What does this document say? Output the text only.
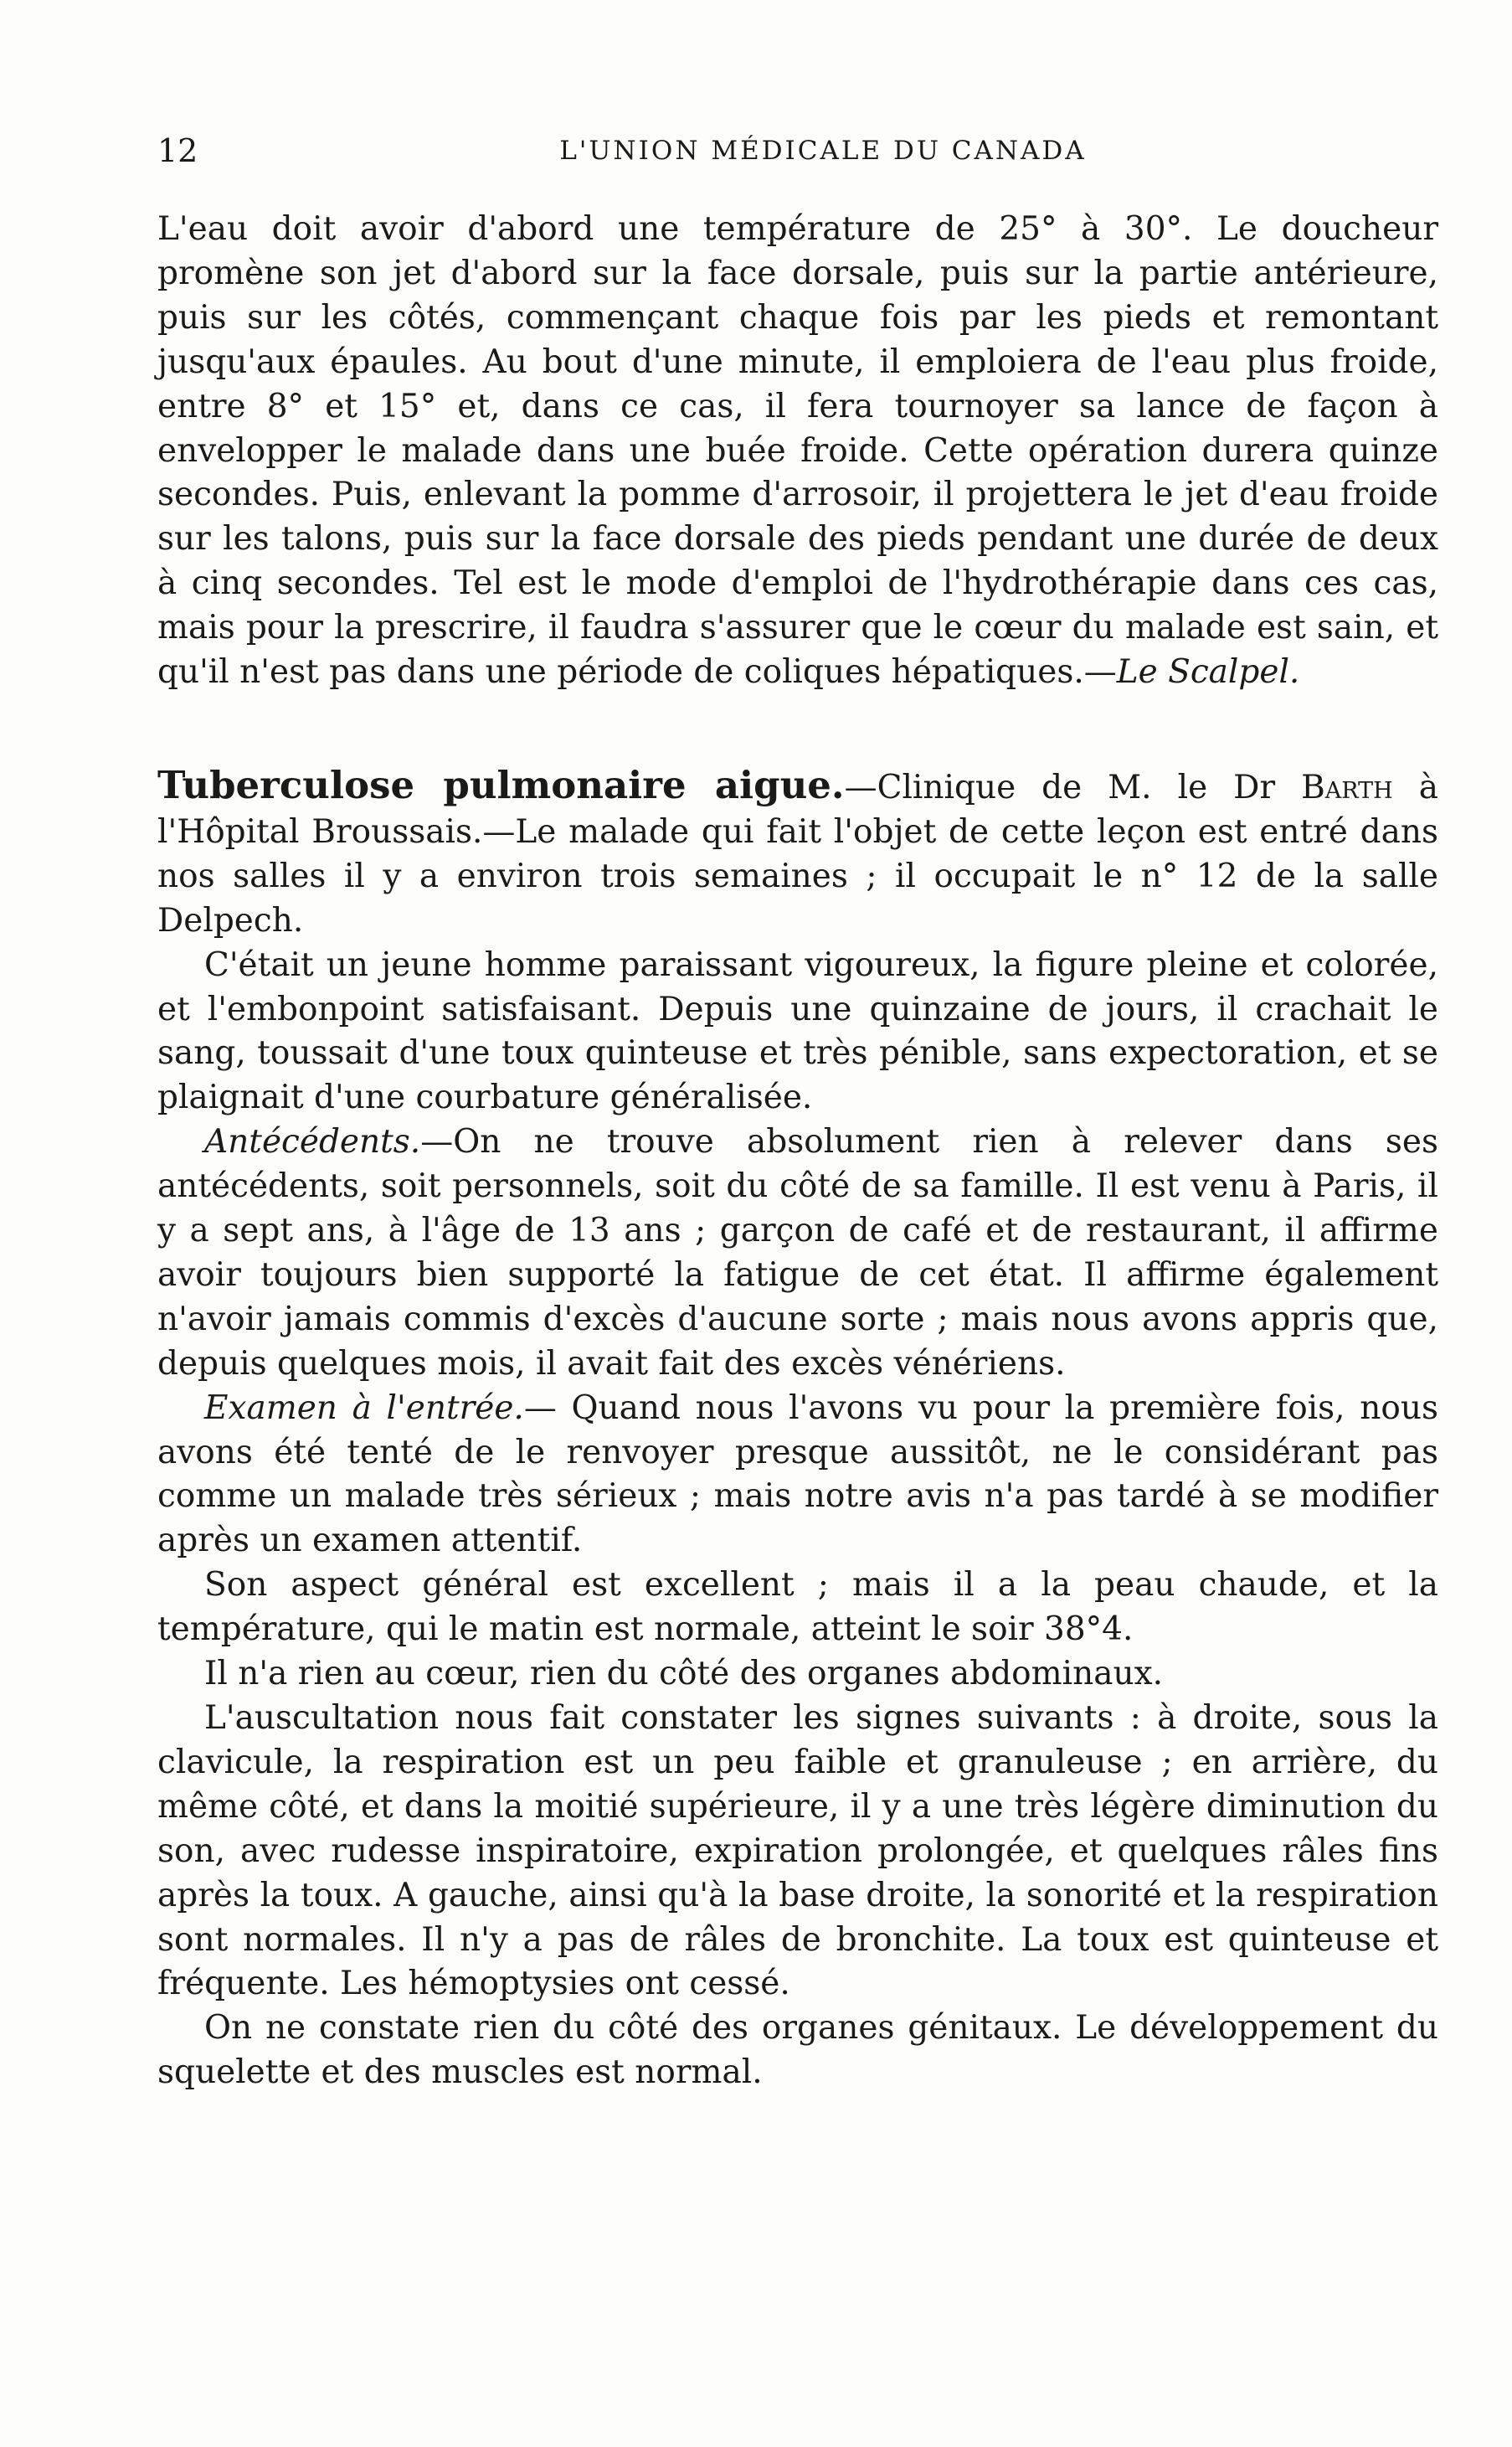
12	L'UNION MÉDICALE DU CANADA

L'eau doit avoir d'abord une température de 25° à 30°. Le doucheur promène son jet d'abord sur la face dorsale, puis sur la partie antérieure, puis sur les côtés, commençant chaque fois par les pieds et remontant jusqu'aux épaules. Au bout d'une minute, il emploiera de l'eau plus froide, entre 8° et 15° et, dans ce cas, il fera tournoyer sa lance de façon à envelopper le malade dans une buée froide. Cette opération durera quinze secondes. Puis, enlevant la pomme d'arrosoir, il projettera le jet d'eau froide sur les talons, puis sur la face dorsale des pieds pendant une durée de deux à cinq secondes. Tel est le mode d'emploi de l'hydrothérapie dans ces cas, mais pour la prescrire, il faudra s'assurer que le cœur du malade est sain, et qu'il n'est pas dans une période de coliques hépatiques.—Le Scalpel.

Tuberculose pulmonaire aigue.—Clinique de M. le Dr Barth à l'Hôpital Broussais.—Le malade qui fait l'objet de cette leçon est entré dans nos salles il y a environ trois semaines ; il occupait le n° 12 de la salle Delpech.

C'était un jeune homme paraissant vigoureux, la figure pleine et colorée, et l'embonpoint satisfaisant. Depuis une quinzaine de jours, il crachait le sang, toussait d'une toux quinteuse et très pénible, sans expectoration, et se plaignait d'une courbature généralisée.

Antécédents.—On ne trouve absolument rien à relever dans ses antécédents, soit personnels, soit du côté de sa famille. Il est venu à Paris, il y a sept ans, à l'âge de 13 ans ; garçon de café et de restaurant, il affirme avoir toujours bien supporté la fatigue de cet état. Il affirme également n'avoir jamais commis d'excès d'aucune sorte ; mais nous avons appris que, depuis quelques mois, il avait fait des excès vénériens.

Examen à l'entrée.— Quand nous l'avons vu pour la première fois, nous avons été tenté de le renvoyer presque aussitôt, ne le considérant pas comme un malade très sérieux ; mais notre avis n'a pas tardé à se modifier après un examen attentif.

Son aspect général est excellent ; mais il a la peau chaude, et la température, qui le matin est normale, atteint le soir 38°4.

Il n'a rien au cœur, rien du côté des organes abdominaux.

L'auscultation nous fait constater les signes suivants : à droite, sous la clavicule, la respiration est un peu faible et granuleuse ; en arrière, du même côté, et dans la moitié supérieure, il y a une très légère diminution du son, avec rudesse inspiratoire, expiration prolongée, et quelques râles fins après la toux. A gauche, ainsi qu'à la base droite, la sonorité et la respiration sont normales. Il n'y a pas de râles de bronchite. La toux est quinteuse et fréquente. Les hémoptysies ont cessé.

On ne constate rien du côté des organes génitaux. Le développement du squelette et des muscles est normal.
